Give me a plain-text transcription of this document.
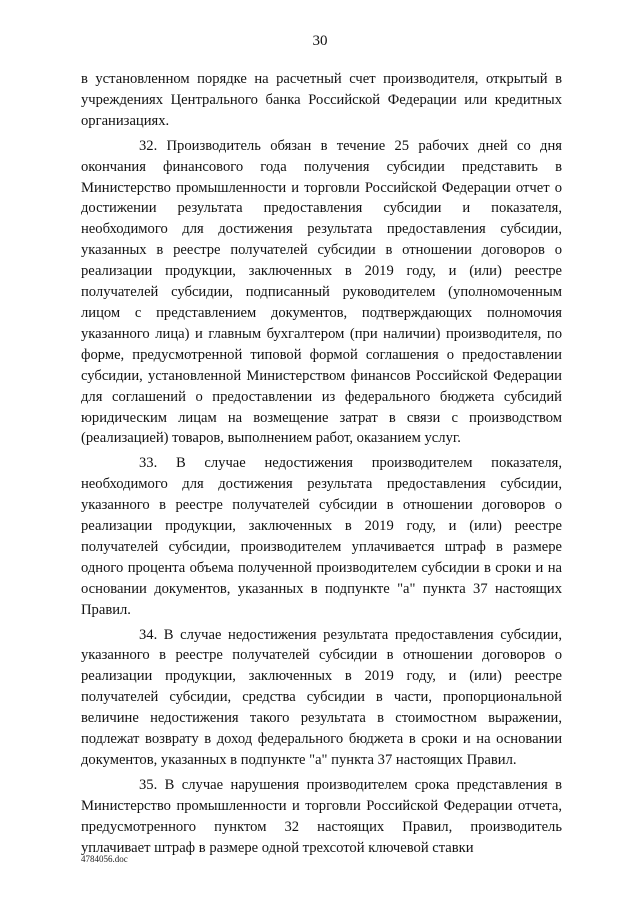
30

в установленном порядке на расчетный счет производителя, открытый в учреждениях Центрального банка Российской Федерации или кредитных организациях.

32. Производитель обязан в течение 25 рабочих дней со дня окончания финансового года получения субсидии представить в Министерство промышленности и торговли Российской Федерации отчет о достижении результата предоставления субсидии и показателя, необходимого для достижения результата предоставления субсидии, указанных в реестре получателей субсидии в отношении договоров о реализации продукции, заключенных в 2019 году, и (или) реестре получателей субсидии, подписанный руководителем (уполномоченным лицом с представлением документов, подтверждающих полномочия указанного лица) и главным бухгалтером (при наличии) производителя, по форме, предусмотренной типовой формой соглашения о предоставлении субсидии, установленной Министерством финансов Российской Федерации для соглашений о предоставлении из федерального бюджета субсидий юридическим лицам на возмещение затрат в связи с производством (реализацией) товаров, выполнением работ, оказанием услуг.

33. В случае недостижения производителем показателя, необходимого для достижения результата предоставления субсидии, указанного в реестре получателей субсидии в отношении договоров о реализации продукции, заключенных в 2019 году, и (или) реестре получателей субсидии, производителем уплачивается штраф в размере одного процента объема полученной производителем субсидии в сроки и на основании документов, указанных в подпункте "а" пункта 37 настоящих Правил.

34. В случае недостижения результата предоставления субсидии, указанного в реестре получателей субсидии в отношении договоров о реализации продукции, заключенных в 2019 году, и (или) реестре получателей субсидии, средства субсидии в части, пропорциональной величине недостижения такого результата в стоимостном выражении, подлежат возврату в доход федерального бюджета в сроки и на основании документов, указанных в подпункте "а" пункта 37 настоящих Правил.

35. В случае нарушения производителем срока представления в Министерство промышленности и торговли Российской Федерации отчета, предусмотренного пунктом 32 настоящих Правил, производитель уплачивает штраф в размере одной трехсотой ключевой ставки

4784056.doc
